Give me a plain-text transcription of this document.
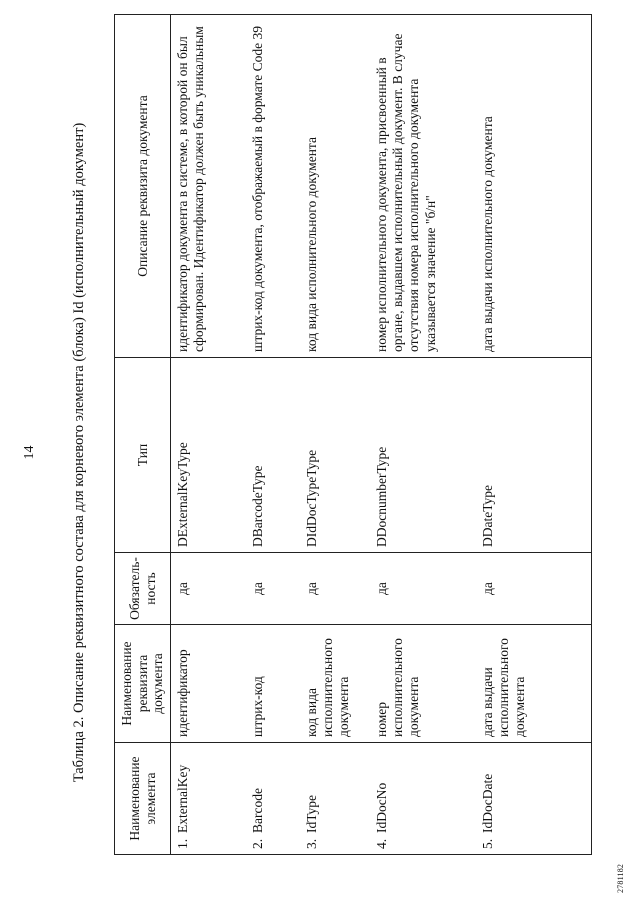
14 Таблица 2. Описание реквизитного состава для корневого элемента (блока) Id (исполнительный документ)
Наименование элемента	Наименование реквизита документа	Обязатель-ность	Тип	Описание реквизита документа
1.ExternalKey	идентификатор	да	DExternalKeyType	идентификатор документа в системе, в которой он был сформирован. Идентификатор должен быть уникальным
2.Barcode	штрих-код	да	DBarcodeType	штрих-код документа, отображаемый в формате Code 39
3.IdType	код вида исполнительного документа	да	DIdDocTypeType	код вида исполнительного документа
4.IdDocNo	номер исполнительного документа	да	DDocnumberType	номер исполнительного документа, присвоенный в органе, выдавшем исполнительный документ. В случае отсутствия номера исполнительного документа указывается значение "б/н"
5.IdDocDate	дата выдачи исполнительного документа	да	DDateType	дата выдачи исполнительного документа
2781182
